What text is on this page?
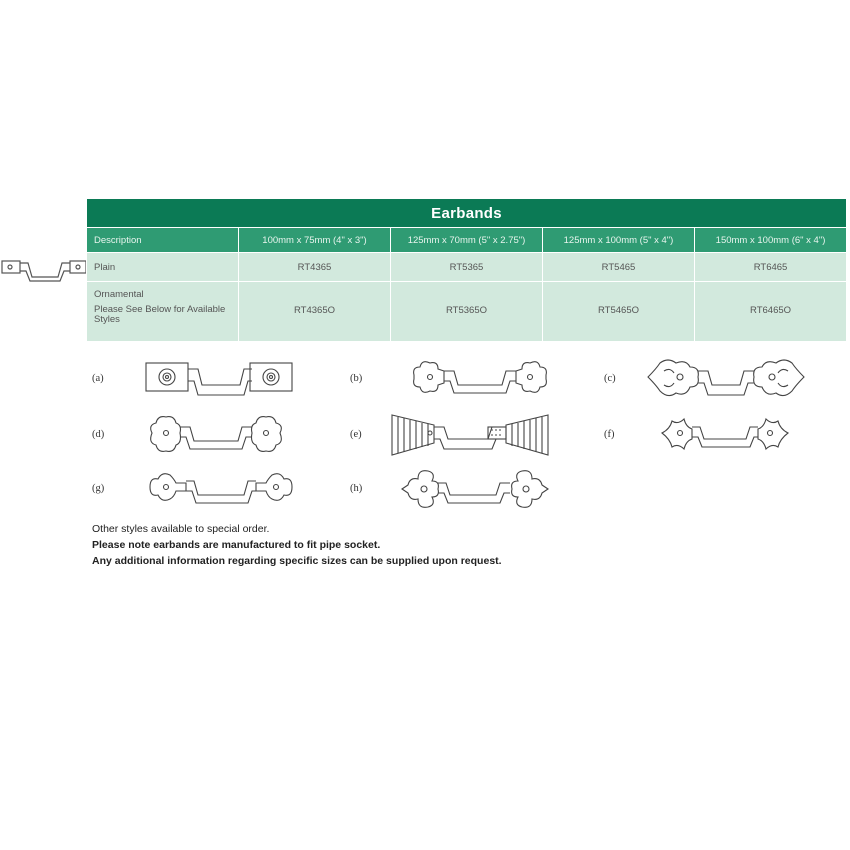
Earbands				
Description	100mm x 75mm (4" x 3")	125mm x 70mm (5" x 2.75")	125mm x 100mm (5" x 4")	150mm x 100mm (6" x 4")
Plain	RT4365	RT5365	RT5465	RT6465
Ornamental
Please See Below for Available Styles	RT4365O	RT5365O	RT5465O	RT6465O
(a)	(b)	(c)
(d)	(e)	(f)
(g)	(h)
Other styles available to special order.
Please note earbands are manufactured to fit pipe socket.
Any additional information regarding specific sizes can be supplied upon request.
